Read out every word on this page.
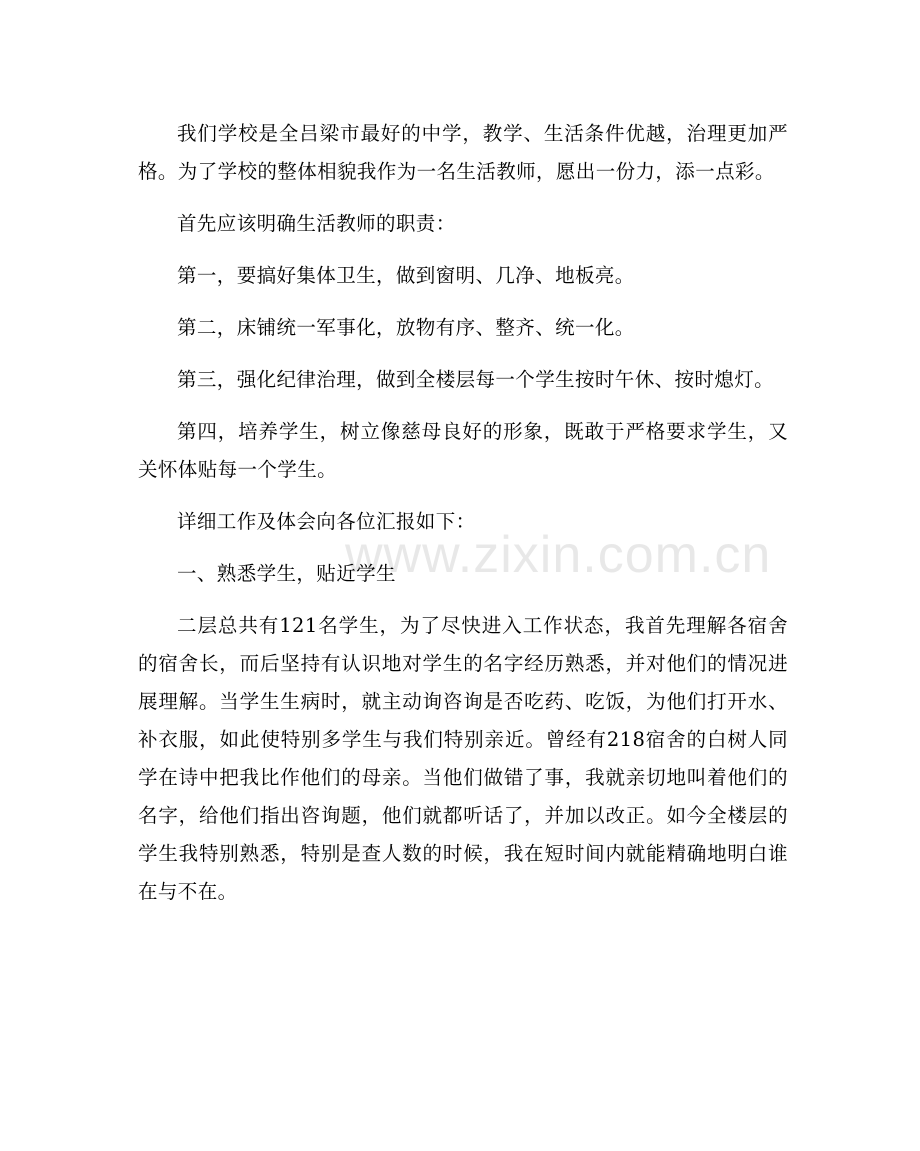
我们学校是全吕梁市最好的中学，教学、生活条件优越，治理更加严格。为了学校的整体相貌我作为一名生活教师，愿出一份力，添一点彩。

首先应该明确生活教师的职责：

第一，要搞好集体卫生，做到窗明、几净、地板亮。

第二，床铺统一军事化，放物有序、整齐、统一化。

第三，强化纪律治理，做到全楼层每一个学生按时午休、按时熄灯。

第四，培养学生，树立像慈母良好的形象，既敢于严格要求学生，又关怀体贴每一个学生。

详细工作及体会向各位汇报如下：

一、熟悉学生，贴近学生

二层总共有121名学生，为了尽快进入工作状态，我首先理解各宿舍的宿舍长，而后坚持有认识地对学生的名字经历熟悉，并对他们的情况进展理解。当学生生病时，就主动询咨询是否吃药、吃饭，为他们打开水、补衣服，如此使特别多学生与我们特别亲近。曾经有218宿舍的白树人同学在诗中把我比作他们的母亲。当他们做错了事，我就亲切地叫着他们的名字，给他们指出咨询题，他们就都听话了，并加以改正。如今全楼层的学生我特别熟悉，特别是查人数的时候，我在短时间内就能精确地明白谁在与不在。

www.zixin.com.cn
